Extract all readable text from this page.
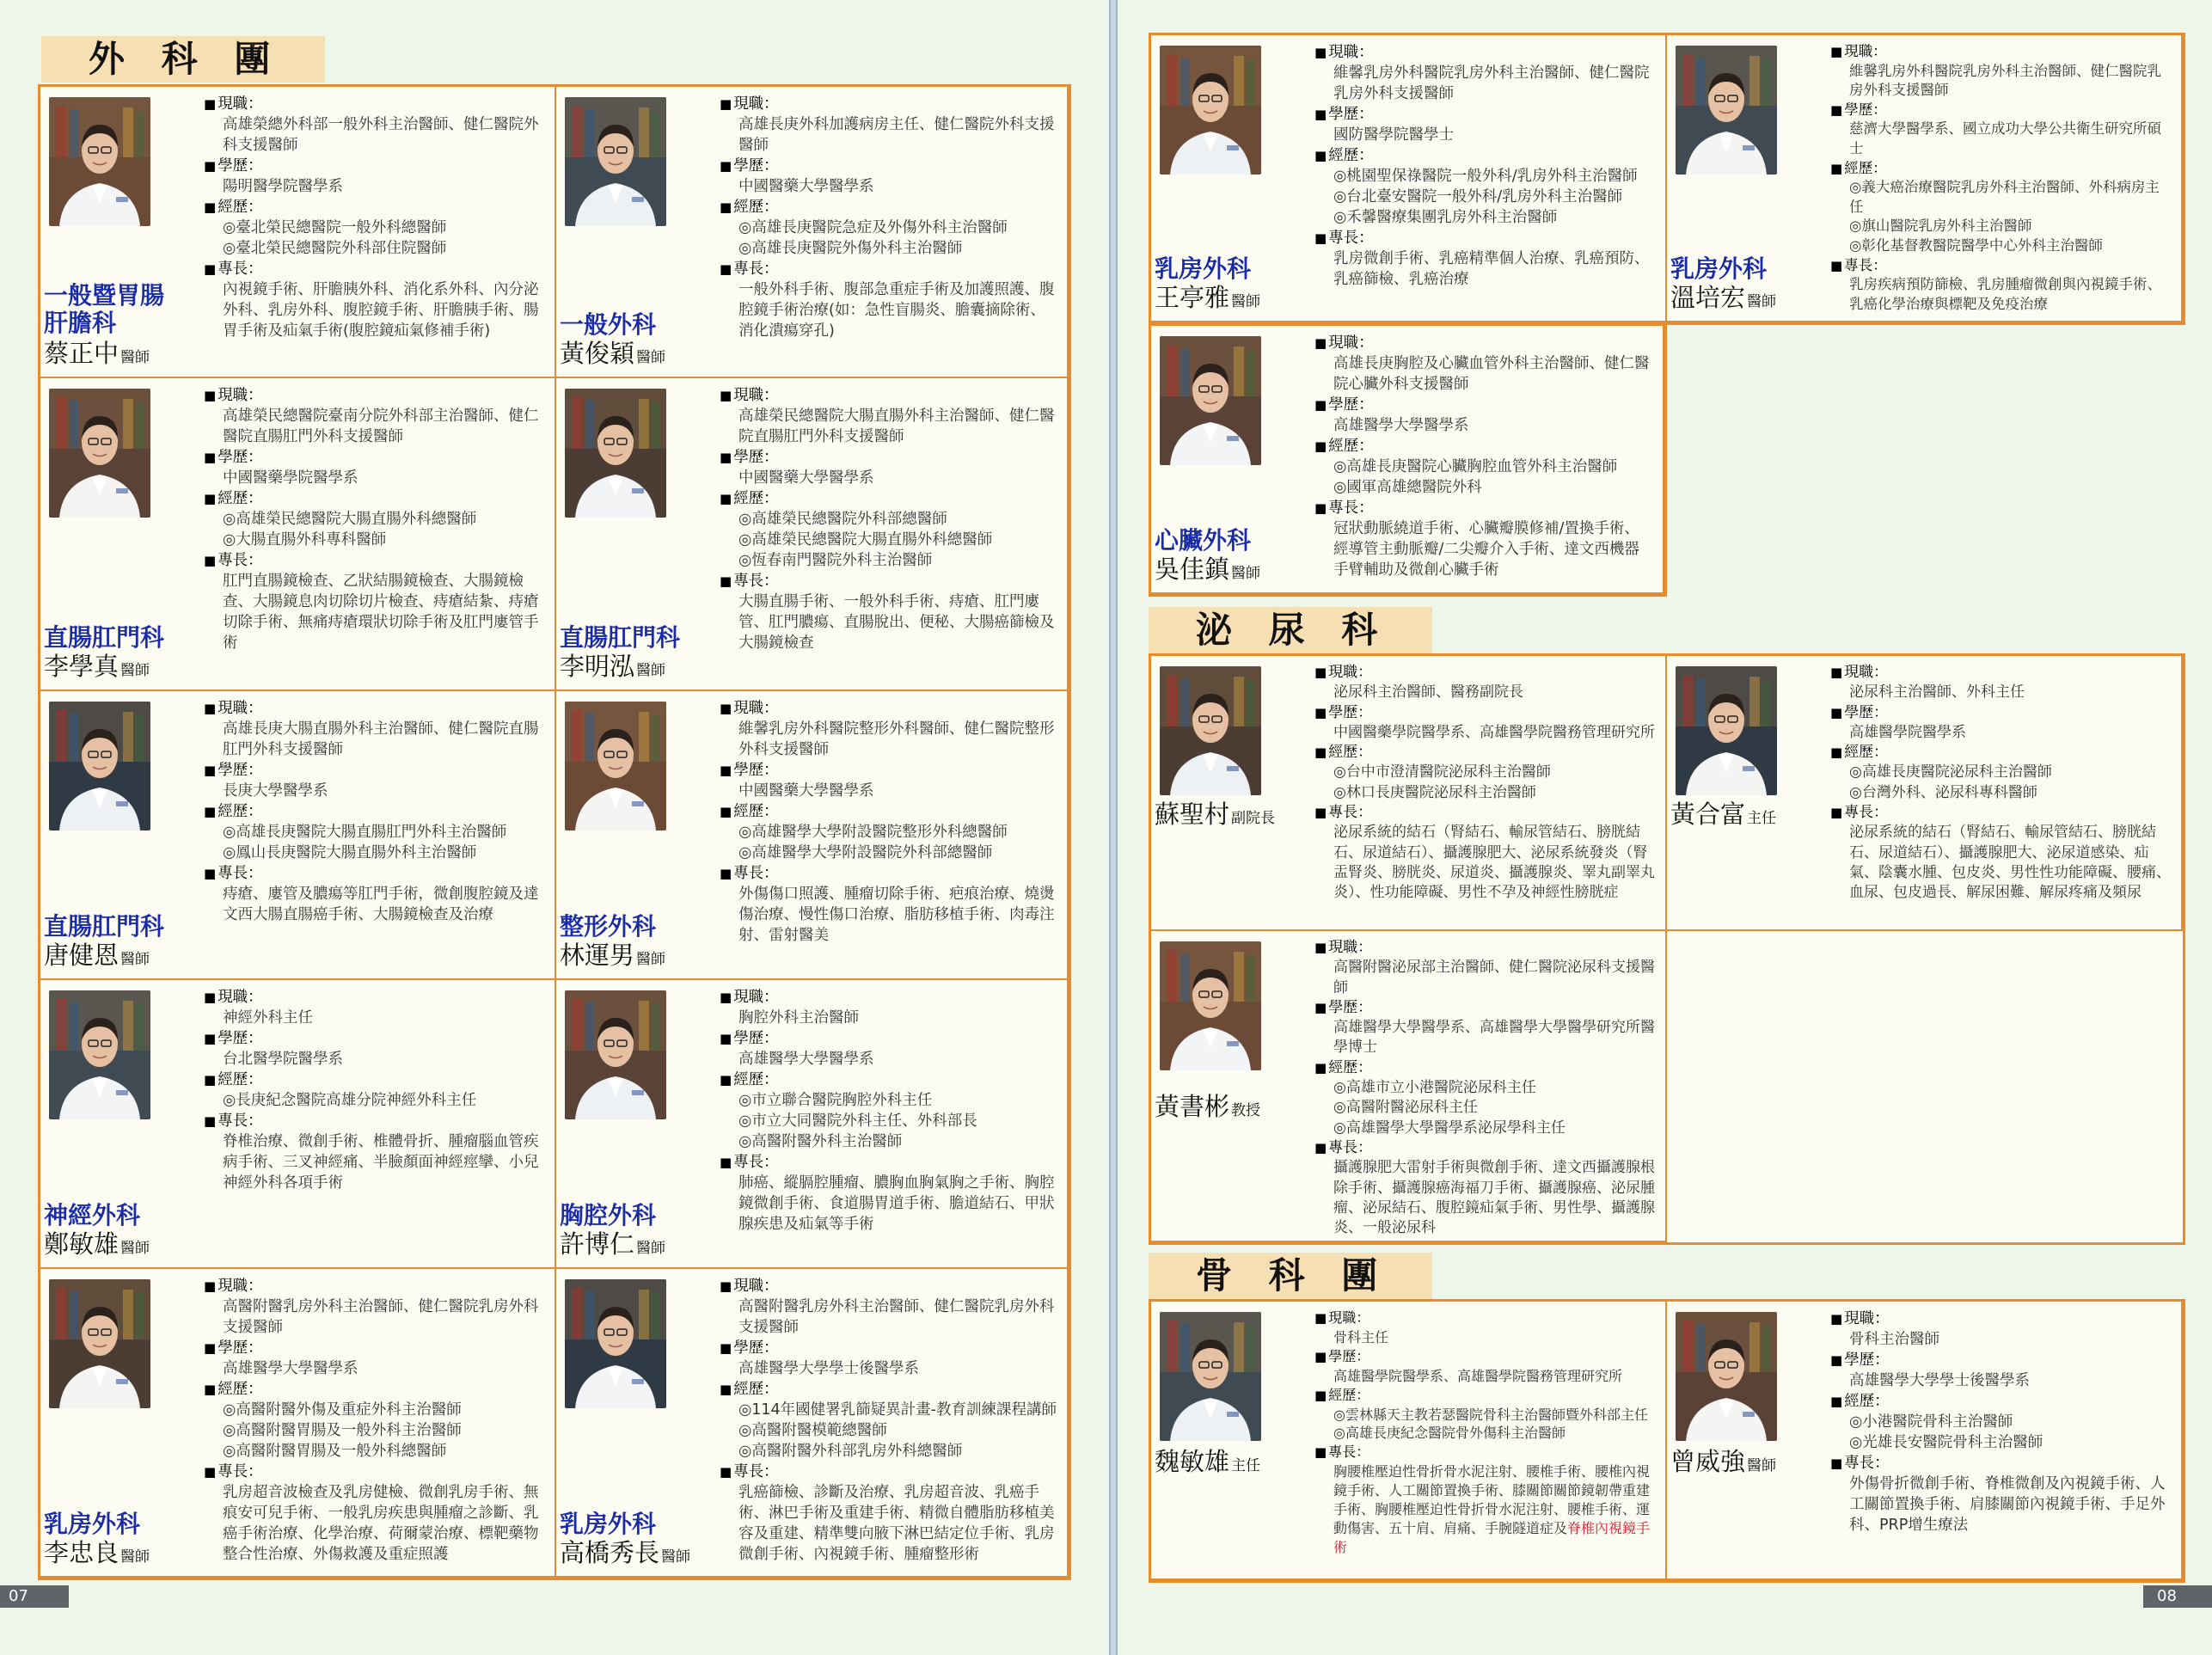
外 科 團
泌 尿 科
骨 科 團
07	08
一般暨胃腸肝膽科
蔡正中 醫師
■ 現職：
高雄榮總外科部一般外科主治醫師、健仁醫院外科支援醫師
■ 學歷：
陽明醫學院醫學系
■ 經歷：
◎臺北榮民總醫院一般外科總醫師
◎臺北榮民總醫院外科部住院醫師
■ 專長：
內視鏡手術、肝膽胰外科、消化系外科、內分泌外科、乳房外科、腹腔鏡手術、肝膽胰手術、腸胃手術及疝氣手術(腹腔鏡疝氣修補手術)	一般外科
黃俊穎 醫師
■ 現職：
高雄長庚外科加護病房主任、健仁醫院外科支援醫師
■ 學歷：
中國醫藥大學醫學系
■ 經歷：
◎高雄長庚醫院急症及外傷外科主治醫師
◎高雄長庚醫院外傷外科主治醫師
■ 專長：
一般外科手術、腹部急重症手術及加護照護、腹腔鏡手術治療(如：急性盲腸炎、膽囊摘除術、消化潰瘍穿孔)
直腸肛門科
李學真 醫師
■ 現職：
高雄榮民總醫院臺南分院外科部主治醫師、健仁醫院直腸肛門外科支援醫師
■ 學歷：
中國醫藥學院醫學系
■ 經歷：
◎高雄榮民總醫院大腸直腸外科總醫師
◎大腸直腸外科專科醫師
■ 專長：
肛門直腸鏡檢查、乙狀結腸鏡檢查、大腸鏡檢查、大腸鏡息肉切除切片檢查、痔瘡結紮、痔瘡切除手術、無痛痔瘡環狀切除手術及肛門廔管手術	直腸肛門科
李明泓 醫師
■ 現職：
高雄榮民總醫院大腸直腸外科主治醫師、健仁醫院直腸肛門外科支援醫師
■ 學歷：
中國醫藥大學醫學系
■ 經歷：
◎高雄榮民總醫院外科部總醫師
◎高雄榮民總醫院大腸直腸外科總醫師
◎恆春南門醫院外科主治醫師
■ 專長：
大腸直腸手術、一般外科手術、痔瘡、肛門廔管、肛門膿瘍、直腸脫出、便秘、大腸癌篩檢及大腸鏡檢查
直腸肛門科
唐健恩 醫師
■ 現職：
高雄長庚大腸直腸外科主治醫師、健仁醫院直腸肛門外科支援醫師
■ 學歷：
長庚大學醫學系
■ 經歷：
◎高雄長庚醫院大腸直腸肛門外科主治醫師
◎鳳山長庚醫院大腸直腸外科主治醫師
■ 專長：
痔瘡、廔管及膿瘍等肛門手術，微創腹腔鏡及達文西大腸直腸癌手術、大腸鏡檢查及治療	整形外科
林運男 醫師
■ 現職：
維馨乳房外科醫院整形外科醫師、健仁醫院整形外科支援醫師
■ 學歷：
中國醫藥大學醫學系
■ 經歷：
◎高雄醫學大學附設醫院整形外科總醫師
◎高雄醫學大學附設醫院外科部總醫師
■ 專長：
外傷傷口照護、腫瘤切除手術、疤痕治療、燒燙傷治療、慢性傷口治療、脂肪移植手術、肉毒注射、雷射醫美
神經外科
鄭敏雄 醫師
■ 現職：
神經外科主任
■ 學歷：
台北醫學院醫學系
■ 經歷：
◎長庚紀念醫院高雄分院神經外科主任
■ 專長：
脊椎治療、微創手術、椎體骨折、腫瘤腦血管疾病手術、三叉神經痛、半臉顏面神經痙攣、小兒神經外科各項手術
胸腔外科
許博仁 醫師
■ 現職：
胸腔外科主治醫師
■ 學歷：
高雄醫學大學醫學系
■ 經歷：
◎市立聯合醫院胸腔外科主任
◎市立大同醫院外科主任、外科部長
◎高醫附醫外科主治醫師
■ 專長：
肺癌、縱膈腔腫瘤、膿胸血胸氣胸之手術、胸腔鏡微創手術、食道腸胃道手術、膽道結石、甲狀腺疾患及疝氣等手術
乳房外科
李忠良 醫師
■ 現職：
高醫附醫乳房外科主治醫師、健仁醫院乳房外科支援醫師
■ 學歷：
高雄醫學大學醫學系
■ 經歷：
◎高醫附醫外傷及重症外科主治醫師
◎高醫附醫胃腸及一般外科主治醫師
◎高醫附醫胃腸及一般外科總醫師
■ 專長：
乳房超音波檢查及乳房健檢、微創乳房手術、無痕安可兒手術、一般乳房疾患與腫瘤之診斷、乳癌手術治療、化學治療、荷爾蒙治療、標靶藥物整合性治療、外傷救護及重症照護
乳房外科
高橋秀長 醫師
■ 現職：
高醫附醫乳房外科主治醫師、健仁醫院乳房外科支援醫師
■ 學歷：
高雄醫學大學學士後醫學系
■ 經歷：
◎114年國健署乳篩疑異計畫-教育訓練課程講師
◎高醫附醫模範總醫師
◎高醫附醫外科部乳房外科總醫師
■ 專長：
乳癌篩檢、診斷及治療、乳房超音波、乳癌手術、淋巴手術及重建手術、精微自體脂肪移植美容及重建、精準雙向腋下淋巴結定位手術、乳房微創手術、內視鏡手術、腫瘤整形術
乳房外科
王亭雅 醫師
■ 現職：
維馨乳房外科醫院乳房外科主治醫師、健仁醫院乳房外科支援醫師
■ 學歷：
國防醫學院醫學士
■ 經歷：
◎桃園聖保祿醫院一般外科/乳房外科主治醫師
◎台北臺安醫院一般外科/乳房外科主治醫師
◎禾馨醫療集團乳房外科主治醫師
■ 專長：
乳房微創手術、乳癌精準個人治療、乳癌預防、乳癌篩檢、乳癌治療	乳房外科
溫培宏 醫師
■ 現職：
維馨乳房外科醫院乳房外科主治醫師、健仁醫院乳房外科支援醫師
■ 學歷：
慈濟大學醫學系、國立成功大學公共衛生研究所碩士
■ 經歷：
◎義大癌治療醫院乳房外科主治醫師、外科病房主任
◎旗山醫院乳房外科主治醫師
◎彰化基督教醫院醫學中心外科主治醫師
■ 專長：
乳房疾病預防篩檢、乳房腫瘤微創與內視鏡手術、乳癌化學治療與標靶及免疫治療
心臟外科
吳佳鎮 醫師
■ 現職：
高雄長庚胸腔及心臟血管外科主治醫師、健仁醫院心臟外科支援醫師
■ 學歷：
高雄醫學大學醫學系
■ 經歷：
◎高雄長庚醫院心臟胸腔血管外科主治醫師
◎國軍高雄總醫院外科
■ 專長：
冠狀動脈繞道手術、心臟瓣膜修補/置換手術、經導管主動脈瓣/二尖瓣介入手術、達文西機器手臂輔助及微創心臟手術
蘇聖村 副院長
■ 現職：
泌尿科主治醫師、醫務副院長
■ 學歷：
中國醫藥學院醫學系、高雄醫學院醫務管理研究所
■ 經歷：
◎台中市澄清醫院泌尿科主治醫師
◎林口長庚醫院泌尿科主治醫師
■ 專長：
泌尿系統的結石（腎結石、輸尿管結石、膀胱結石、尿道結石）、攝護腺肥大、泌尿系統發炎（腎盂腎炎、膀胱炎、尿道炎、攝護腺炎、睪丸副睪丸炎）、性功能障礙、男性不孕及神經性膀胱症
黃合富 主任
■ 現職：
泌尿科主治醫師、外科主任
■ 學歷：
高雄醫學院醫學系
■ 經歷：
◎高雄長庚醫院泌尿科主治醫師
◎台灣外科、泌尿科專科醫師
■ 專長：
泌尿系統的結石（腎結石、輸尿管結石、膀胱結石、尿道結石）、攝護腺肥大、泌尿道感染、疝氣、陰囊水腫、包皮炎、男性性功能障礙、腰痛、血尿、包皮過長、解尿困難、解尿疼痛及頻尿
黃書彬 教授
■ 現職：
高醫附醫泌尿部主治醫師、健仁醫院泌尿科支援醫師
■ 學歷：
高雄醫學大學醫學系、高雄醫學大學醫學研究所醫學博士
■ 經歷：
◎高雄市立小港醫院泌尿科主任
◎高醫附醫泌尿科主任
◎高雄醫學大學醫學系泌尿學科主任
■ 專長：
攝護腺肥大雷射手術與微創手術、達文西攝護腺根除手術、攝護腺癌海福刀手術、攝護腺癌、泌尿腫瘤、泌尿結石、腹腔鏡疝氣手術、男性學、攝護腺炎、一般泌尿科
魏敏雄 主任
■ 現職：
骨科主任
■ 學歷：
高雄醫學院醫學系、高雄醫學院醫務管理研究所
■ 經歷：
◎雲林縣天主教若瑟醫院骨科主治醫師暨外科部主任
◎高雄長庚紀念醫院骨外傷科主治醫師
■ 專長：
胸腰椎壓迫性骨折骨水泥注射、腰椎手術、腰椎內視鏡手術、人工關節置換手術、膝關節關節鏡韌帶重建手術、胸腰椎壓迫性骨折骨水泥注射、腰椎手術、運動傷害、五十肩、肩痛、手腕隧道症及脊椎內視鏡手術
曾威強 醫師
■ 現職：
骨科主治醫師
■ 學歷：
高雄醫學大學學士後醫學系
■ 經歷：
◎小港醫院骨科主治醫師
◎光雄長安醫院骨科主治醫師
■ 專長：
外傷骨折微創手術、脊椎微創及內視鏡手術、人工關節置換手術、肩膝關節內視鏡手術、手足外科、PRP增生療法
